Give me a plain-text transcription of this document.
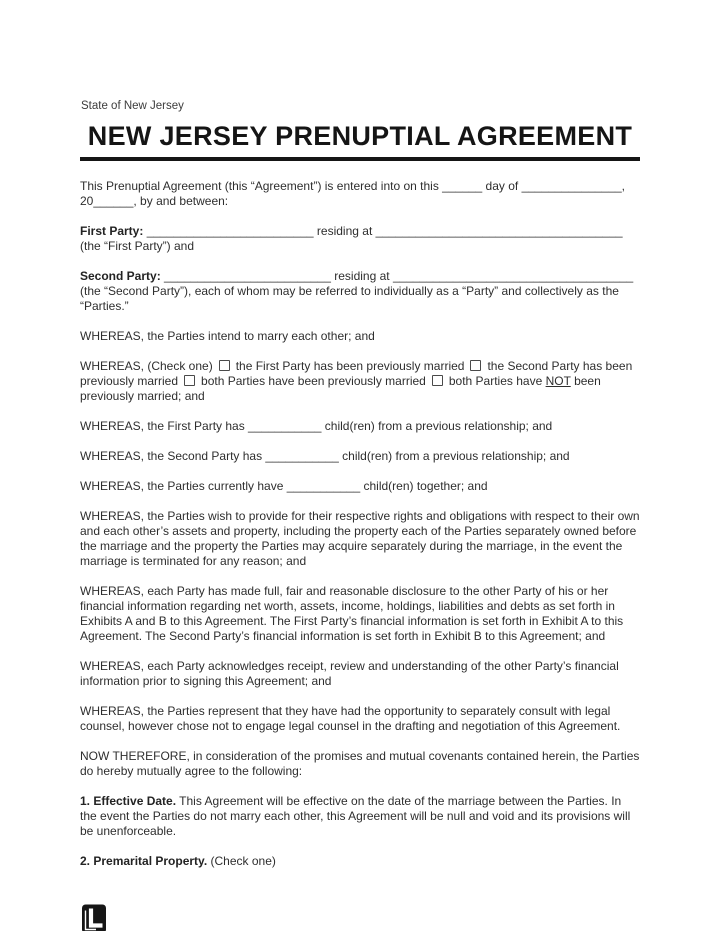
State of New Jersey
NEW JERSEY PRENUPTIAL AGREEMENT

This Prenuptial Agreement (this “Agreement”) is entered into on this ______ day of _______________, 20______, by and between:

First Party: _________________________ residing at _____________________________________
(the “First Party”) and

Second Party: _________________________ residing at ____________________________________
(the “Second Party”), each of whom may be referred to individually as a “Party” and collectively as the “Parties.”

WHEREAS, the Parties intend to marry each other; and

WHEREAS, (Check one) the First Party has been previously married the Second Party has been previously married both Parties have been previously married both Parties have NOT been previously married; and

WHEREAS, the First Party has ___________ child(ren) from a previous relationship; and

WHEREAS, the Second Party has ___________ child(ren) from a previous relationship; and

WHEREAS, the Parties currently have ___________ child(ren) together; and

WHEREAS, the Parties wish to provide for their respective rights and obligations with respect to their own and each other’s assets and property, including the property each of the Parties separately owned before the marriage and the property the Parties may acquire separately during the marriage, in the event the marriage is terminated for any reason; and

WHEREAS, each Party has made full, fair and reasonable disclosure to the other Party of his or her financial information regarding net worth, assets, income, holdings, liabilities and debts as set forth in Exhibits A and B to this Agreement. The First Party’s financial information is set forth in Exhibit A to this Agreement. The Second Party’s financial information is set forth in Exhibit B to this Agreement; and

WHEREAS, each Party acknowledges receipt, review and understanding of the other Party’s financial information prior to signing this Agreement; and

WHEREAS, the Parties represent that they have had the opportunity to separately consult with legal counsel, however chose not to engage legal counsel in the drafting and negotiation of this Agreement.

NOW THEREFORE, in consideration of the promises and mutual covenants contained herein, the Parties do hereby mutually agree to the following:

1. Effective Date. This Agreement will be effective on the date of the marriage between the Parties. In the event the Parties do not marry each other, this Agreement will be null and void and its provisions will be unenforceable.

2. Premarital Property. (Check one)
